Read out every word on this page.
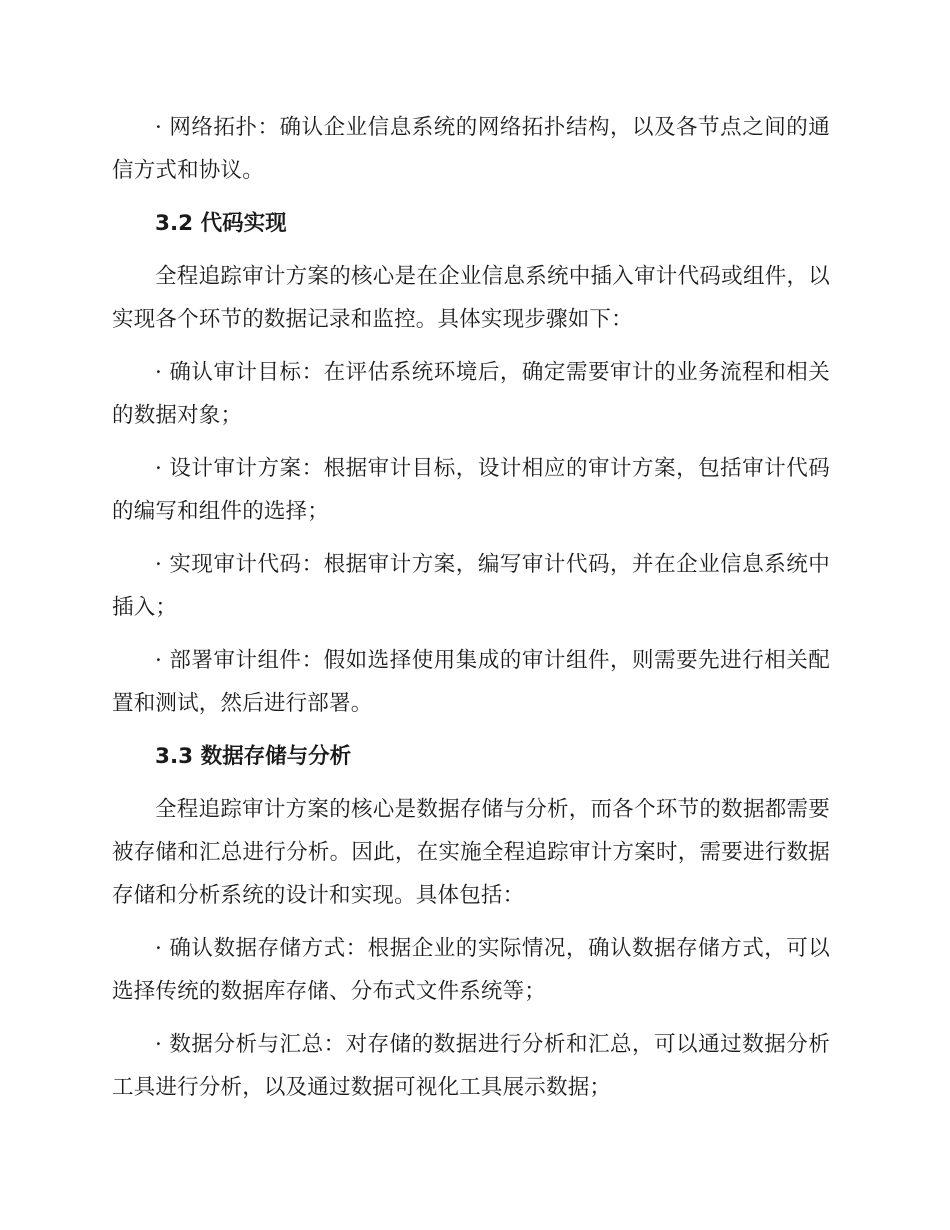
· 网络拓扑：确认企业信息系统的网络拓扑结构，以及各节点之间的通信方式和协议。

3.2 代码实现

全程追踪审计方案的核心是在企业信息系统中插入审计代码或组件，以实现各个环节的数据记录和监控。具体实现步骤如下：

· 确认审计目标：在评估系统环境后，确定需要审计的业务流程和相关的数据对象；

· 设计审计方案：根据审计目标，设计相应的审计方案，包括审计代码的编写和组件的选择；

· 实现审计代码：根据审计方案，编写审计代码，并在企业信息系统中插入；

· 部署审计组件：假如选择使用集成的审计组件，则需要先进行相关配置和测试，然后进行部署。

3.3 数据存储与分析

全程追踪审计方案的核心是数据存储与分析，而各个环节的数据都需要被存储和汇总进行分析。因此，在实施全程追踪审计方案时，需要进行数据存储和分析系统的设计和实现。具体包括：

· 确认数据存储方式：根据企业的实际情况，确认数据存储方式，可以选择传统的数据库存储、分布式文件系统等；

· 数据分析与汇总：对存储的数据进行分析和汇总，可以通过数据分析工具进行分析，以及通过数据可视化工具展示数据；
